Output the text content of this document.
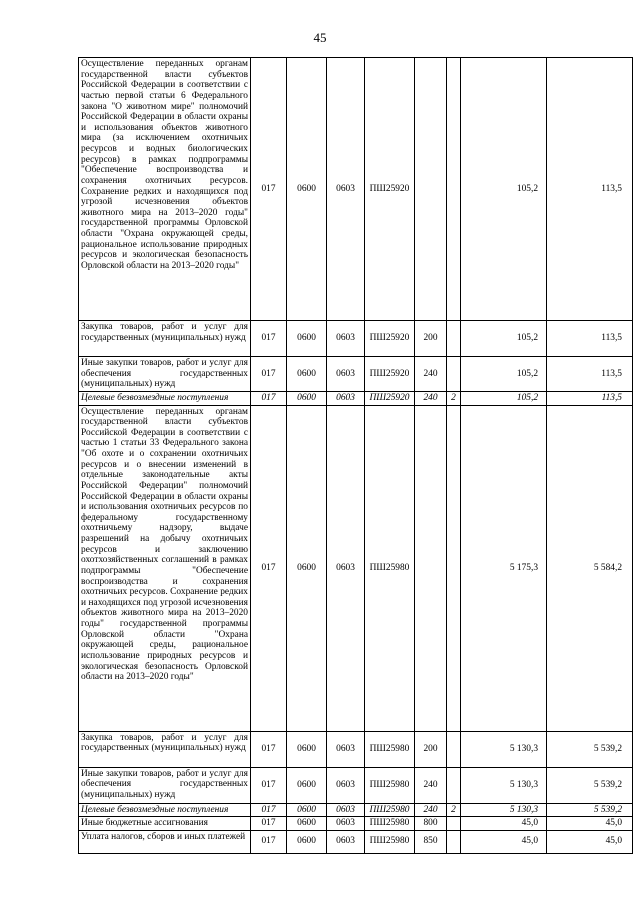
45
Осуществление переданных органам государственной власти субъектов Российской Федерации в соответствии с частью первой статьи 6 Федерального закона "О животном мире" полномочий Российской Федерации в области охраны и использования объектов животного мира (за исключением охотничьих ресурсов и водных биологических ресурсов) в рамках подпрограммы "Обеспечение воспроизводства и сохранения охотничьих ресурсов. Сохранение редких и находящихся под угрозой исчезновения объектов животного мира на 2013–2020 годы" государственной программы Орловской области "Охрана окружающей среды, рациональное использование природных ресурсов и экологическая безопасность Орловской области на 2013–2020 годы"	017	0600	0603	ПШ25920			105,2	113,5
Закупка товаров, работ и услуг для государственных (муниципальных) нужд	017	0600	0603	ПШ25920	200		105,2	113,5
Иные закупки товаров, работ и услуг для обеспечения государственных (муниципальных) нужд	017	0600	0603	ПШ25920	240		105,2	113,5
Целевые безвозмездные поступления	017	0600	0603	ПШ25920	240	2	105,2	113,5
Осуществление переданных органам государственной власти субъектов Российской Федерации в соответствии с частью 1 статьи 33 Федерального закона "Об охоте и о сохранении охотничьих ресурсов и о внесении изменений в отдельные законодательные акты Российской Федерации" полномочий Российской Федерации в области охраны и использования охотничьих ресурсов по федеральному государственному охотничьему надзору, выдаче разрешений на добычу охотничьих ресурсов и заключению охотхозяйственных соглашений в рамках подпрограммы "Обеспечение воспроизводства и сохранения охотничьих ресурсов. Сохранение редких и находящихся под угрозой исчезновения объектов животного мира на 2013–2020 годы" государственной программы Орловской области "Охрана окружающей среды, рациональное использование природных ресурсов и экологическая безопасность Орловской области на 2013–2020 годы"	017	0600	0603	ПШ25980			5 175,3	5 584,2
Закупка товаров, работ и услуг для государственных (муниципальных) нужд	017	0600	0603	ПШ25980	200		5 130,3	5 539,2
Иные закупки товаров, работ и услуг для обеспечения государственных (муниципальных) нужд	017	0600	0603	ПШ25980	240		5 130,3	5 539,2
Целевые безвозмездные поступления	017	0600	0603	ПШ25980	240	2	5 130,3	5 539,2
Иные бюджетные ассигнования	017	0600	0603	ПШ25980	800		45,0	45,0
Уплата налогов, сборов и иных платежей	017	0600	0603	ПШ25980	850		45,0	45,0
